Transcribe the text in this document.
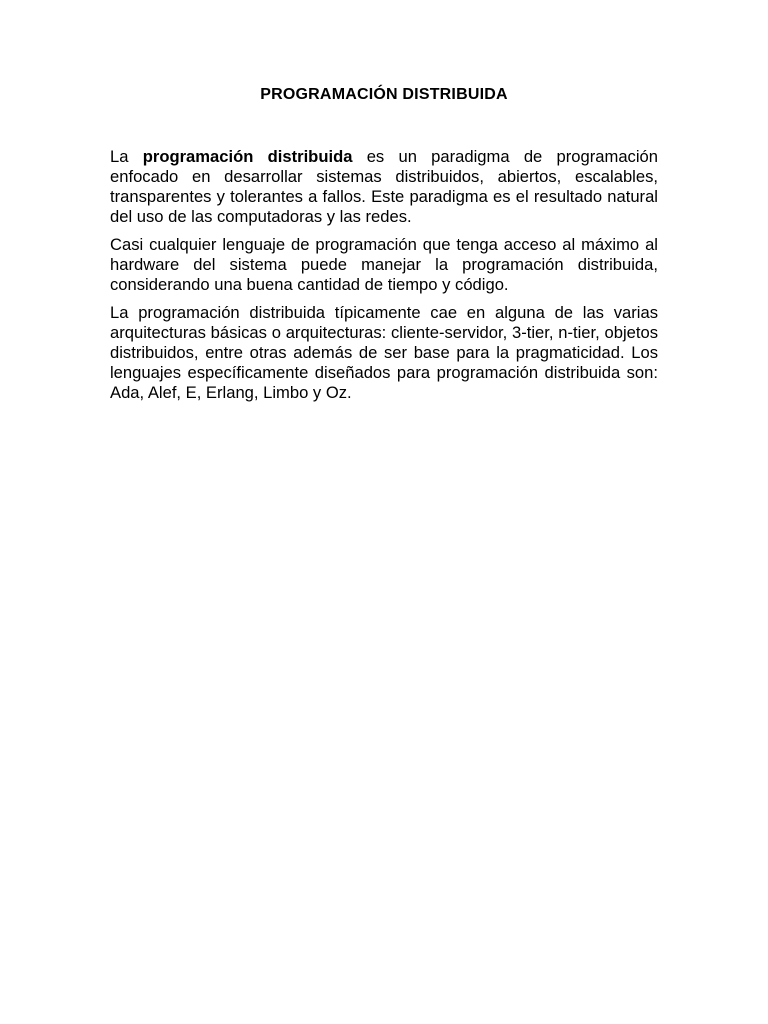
PROGRAMACIÓN DISTRIBUIDA

La programación distribuida es un paradigma de programación enfocado en desarrollar sistemas distribuidos, abiertos, escalables, transparentes y tolerantes a fallos. Este paradigma es el resultado natural del uso de las computadoras y las redes.

Casi cualquier lenguaje de programación que tenga acceso al máximo al hardware del sistema puede manejar la programación distribuida, considerando una buena cantidad de tiempo y código.

La programación distribuida típicamente cae en alguna de las varias arquitecturas básicas o arquitecturas: cliente-servidor, 3-tier, n-tier, objetos distribuidos, entre otras además de ser base para la pragmaticidad. Los lenguajes específicamente diseñados para programación distribuida son: Ada, Alef, E, Erlang, Limbo y Oz.
